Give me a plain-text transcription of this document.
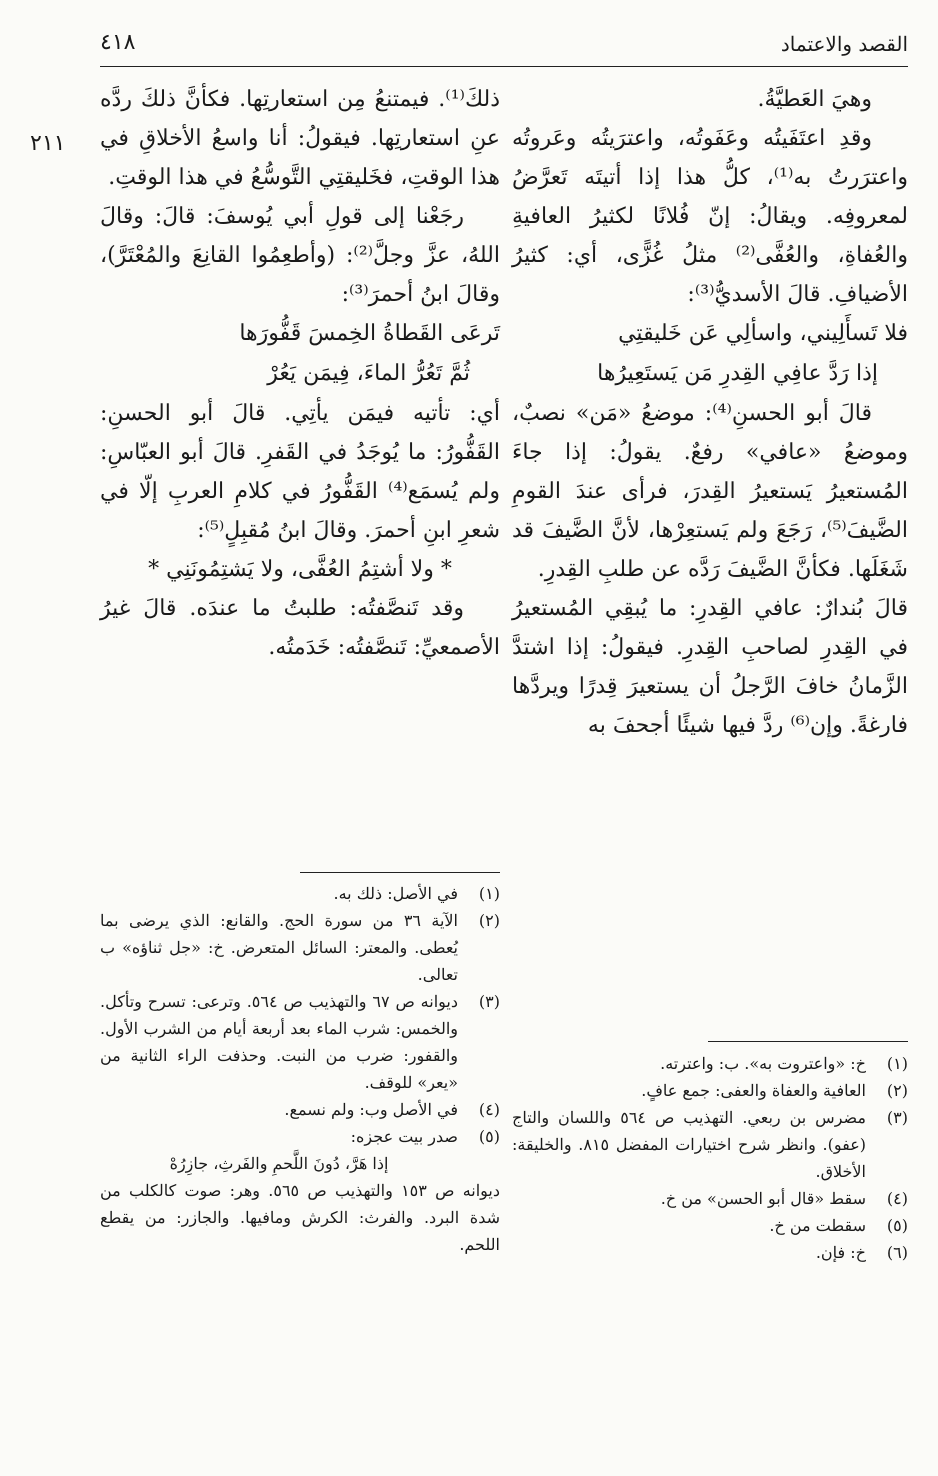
القصد والاعتماد
٤١٨
٢١١

وهيَ العَطيَّةُ.

وقدِ اعتَفَيتُه وعَفَوتُه، واعترَيتُه وعَروتُه واعترَرتُ به⁽¹⁾، كلُّ هذا إذا أتيتَه تَعرَّضُ لمعروفِه. ويقالُ: إنّ فُلانًا لكثيرُ العافيةِ والعُفاةِ، والعُفَّى⁽²⁾ مثلُ غُزًّى، أي: كثيرُ الأضيافِ. قالَ الأسديُّ⁽³⁾:

فلا تَسأَلِيني، واسألِي عَن خَليقتِي

إذا رَدَّ عافِي القِدرِ مَن يَستَعِيرُها

قالَ أبو الحسنِ⁽⁴⁾: موضعُ «مَن» نصبٌ، وموضعُ «عافي» رفعٌ. يقولُ: إذا جاءَ المُستعيرُ يَستعيرُ القِدرَ، فرأى عندَ القومِ الضَّيفَ⁽⁵⁾، رَجَعَ ولم يَستعِرْها، لأنَّ الضَّيفَ قد شَغَلَها. فكأنَّ الضَّيفَ رَدَّه عن طلبِ القِدرِ.

قالَ بُندارٌ: عافي القِدرِ: ما يُبقِي المُستعيرُ في القِدرِ لصاحبِ القِدرِ. فيقولُ: إذا اشتدَّ الزَّمانُ خافَ الرَّجلُ أن يستعيرَ قِدرًا ويردَّها فارغةً. وإن⁽⁶⁾ ردَّ فيها شيئًا أجحفَ به

ذلكَ⁽¹⁾. فيمتنعُ مِن استعارتِها. فكأنَّ ذلكَ ردَّه عنِ استعارتِها. فيقولُ: أنا واسعُ الأخلاقِ في هذا الوقتِ، فخَليقتِي التَّوسُّعُ في هذا الوقتِ.

رجَعْنا إلى قولِ أبي يُوسفَ: قالَ: وقالَ اللهُ، عزَّ وجلَّ⁽²⁾: (وأطعِمُوا القانِعَ والمُعْتَرَّ)، وقالَ ابنُ أحمرَ⁽³⁾:

تَرعَى القَطاةُ الخِمسَ قَفُّورَها

ثُمَّ تَعُرُّ الماءَ، فِيمَن يَعُرْ

أي: تأتيه فيمَن يأتِي. قالَ أبو الحسنِ: القَفُّورُ: ما يُوجَدُ في القَفرِ. قالَ أبو العبّاسِ: ولم يُسمَع⁽⁴⁾ القَفُّورُ في كلامِ العربِ إلّا في شعرِ ابنِ أحمرَ. وقالَ ابنُ مُقبِلٍ⁽⁵⁾:

* ولا أشتِمُ العُفَّى، ولا يَشتِمُونَنِي *

وقد تَنصَّفتُه: طلبتُ ما عندَه. قالَ غيرُ الأصمعيِّ: تَنصَّفتُه: خَدَمتُه.

(١)
في الأصل: ذلك به.
(٢)
الآية ٣٦ من سورة الحج. والقانع: الذي يرضى بما يُعطى. والمعتر: السائل المتعرض. خ: «جل ثناؤه» ب تعالى.
(٣)
ديوانه ص ٦٧ والتهذيب ص ٥٦٤. وترعى: تسرح وتأكل. والخمس: شرب الماء بعد أربعة أيام من الشرب الأول. والقفور: ضرب من النبت. وحذفت الراء الثانية من «يعر» للوقف.
(٤)
في الأصل وب: ولم نسمع.
(٥)
صدر بيت عجزه:
إذا هَرَّ، دُونَ اللَّحمِ والفَرثِ، جازِرُهْ
ديوانه ص ١٥٣ والتهذيب ص ٥٦٥. وهر: صوت كالكلب من شدة البرد. والفرث: الكرش ومافيها. والجازر: من يقطع اللحم.
(١)
خ: «واعتروت به». ب: واعترته.
(٢)
العافية والعفاة والعفى: جمع عافٍ.
(٣)
مضرس بن ربعي. التهذيب ص ٥٦٤ واللسان والتاج (عفو). وانظر شرح اختيارات المفضل ٨١٥. والخليقة: الأخلاق.
(٤)
سقط «قال أبو الحسن» من خ.
(٥)
سقطت من خ.
(٦)
خ: فإن.
